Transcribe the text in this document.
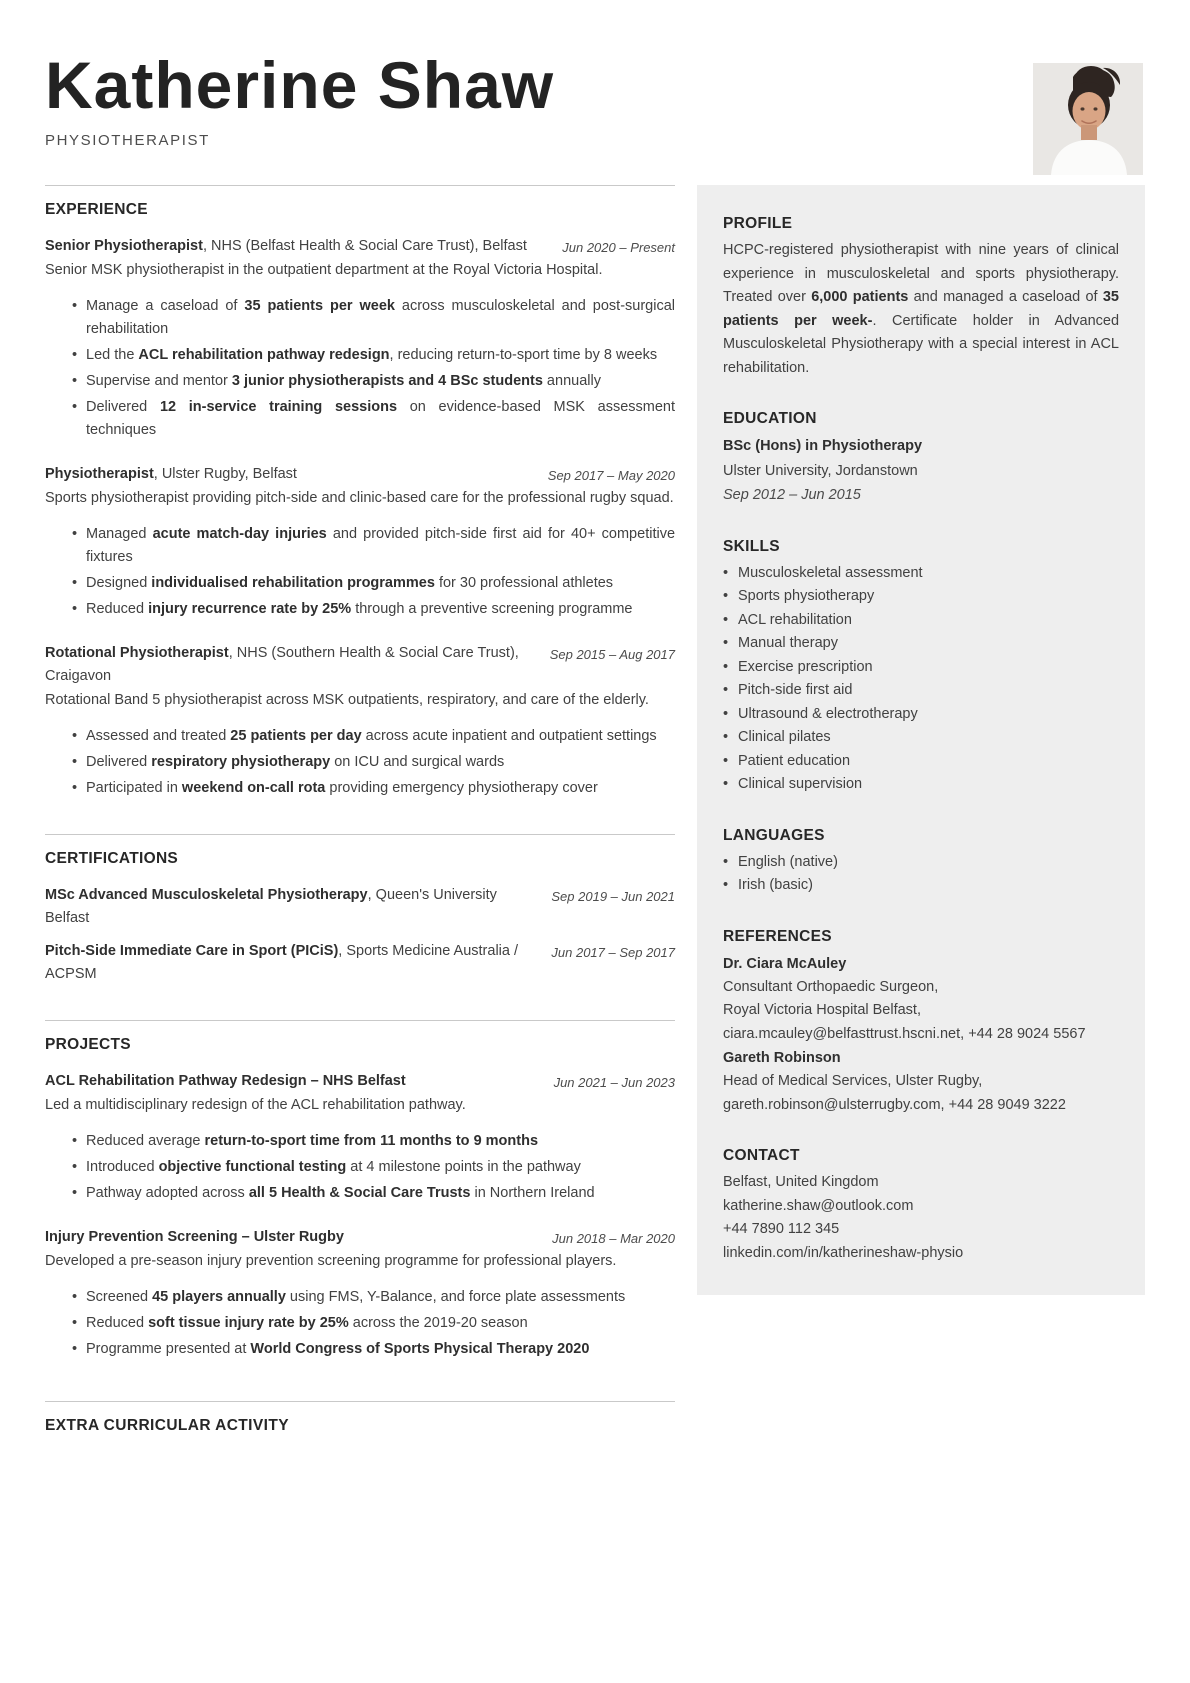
Katherine Shaw
PHYSIOTHERAPIST
EXPERIENCE
Senior Physiotherapist, NHS (Belfast Health & Social Care Trust), Belfast	Jun 2020 – Present
Senior MSK physiotherapist in the outpatient department at the Royal Victoria Hospital.
• Manage a caseload of 35 patients per week across musculoskeletal and post-surgical rehabilitation
• Led the ACL rehabilitation pathway redesign, reducing return-to-sport time by 8 weeks
• Supervise and mentor 3 junior physiotherapists and 4 BSc students annually
• Delivered 12 in-service training sessions on evidence-based MSK assessment techniques
Physiotherapist, Ulster Rugby, Belfast	Sep 2017 – May 2020
Sports physiotherapist providing pitch-side and clinic-based care for the professional rugby squad.
• Managed acute match-day injuries and provided pitch-side first aid for 40+ competitive fixtures
• Designed individualised rehabilitation programmes for 30 professional athletes
• Reduced injury recurrence rate by 25% through a preventive screening programme
Rotational Physiotherapist, NHS (Southern Health & Social Care Trust), Craigavon
Sep 2015 – Aug 2017
Rotational Band 5 physiotherapist across MSK outpatients, respiratory, and care of the elderly.
• Assessed and treated 25 patients per day across acute inpatient and outpatient settings
• Delivered respiratory physiotherapy on ICU and surgical wards
• Participated in weekend on-call rota providing emergency physiotherapy cover
CERTIFICATIONS
MSc Advanced Musculoskeletal Physiotherapy, Queen's University Belfast
Sep 2019 – Jun 2021
Pitch-Side Immediate Care in Sport (PICiS), Sports Medicine Australia / ACPSM
Jun 2017 – Sep 2017
PROJECTS
ACL Rehabilitation Pathway Redesign – NHS Belfast	Jun 2021 – Jun 2023
Led a multidisciplinary redesign of the ACL rehabilitation pathway.
• Reduced average return-to-sport time from 11 months to 9 months
• Introduced objective functional testing at 4 milestone points in the pathway
• Pathway adopted across all 5 Health & Social Care Trusts in Northern Ireland
Injury Prevention Screening – Ulster Rugby	Jun 2018 – Mar 2020
Developed a pre-season injury prevention screening programme for professional players.
• Screened 45 players annually using FMS, Y-Balance, and force plate assessments
• Reduced soft tissue injury rate by 25% across the 2019-20 season
• Programme presented at World Congress of Sports Physical Therapy 2020
EXTRA CURRICULAR ACTIVITY
PROFILE

HCPC-registered physiotherapist with nine years of clinical experience in musculoskeletal and sports physiotherapy. Treated over 6,000 patients and managed a caseload of 35 patients per week-. Certificate holder in Advanced Musculoskeletal Physiotherapy with a special interest in ACL rehabilitation.

EDUCATION
BSc (Hons) in Physiotherapy
Ulster University, Jordanstown
Sep 2012 – Jun 2015
SKILLS
• Musculoskeletal assessment
• Sports physiotherapy
• ACL rehabilitation
• Manual therapy
• Exercise prescription
• Pitch-side first aid
• Ultrasound & electrotherapy
• Clinical pilates
• Patient education
• Clinical supervision
LANGUAGES
• English (native)
• Irish (basic)
REFERENCES
Dr. Ciara McAuley
Consultant Orthopaedic Surgeon,
Royal Victoria Hospital Belfast,
ciara.mcauley@belfasttrust.hscni.net, +44 28 9024 5567
Gareth Robinson
Head of Medical Services, Ulster Rugby,
gareth.robinson@ulsterrugby.com, +44 28 9049 3222
CONTACT
Belfast, United Kingdom
katherine.shaw@outlook.com
+44 7890 112 345
linkedin.com/in/katherineshaw-physio
